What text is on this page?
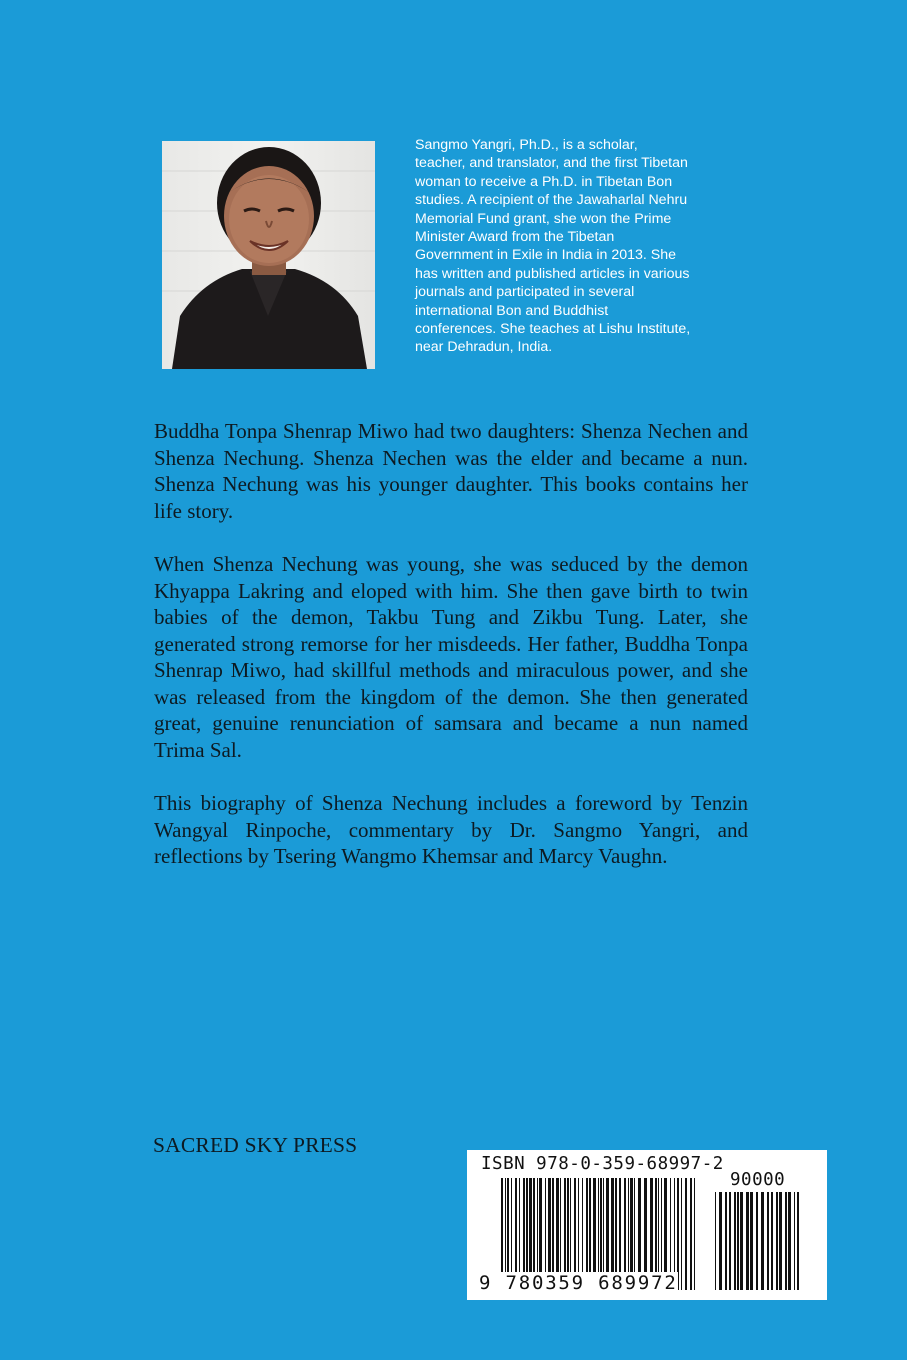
Sangmo Yangri, Ph.D., is a scholar,
teacher, and translator, and the first Tibetan
woman to receive a Ph.D. in Tibetan Bon
studies. A recipient of the Jawaharlal Nehru
Memorial Fund grant, she won the Prime
Minister Award from the Tibetan
Government in Exile in India in 2013. She
has written and published articles in various
journals and participated in several
international Bon and Buddhist
conferences. She teaches at Lishu Institute,
near Dehradun, India.

Buddha Tonpa Shenrap Miwo had two daughters: Shenza Nechen and Shenza Nechung. Shenza Nechen was the elder and became a nun. Shenza Nechung was his younger daughter. This books contains her life story.

When Shenza Nechung was young, she was seduced by the demon Khyappa Lakring and eloped with him. She then gave birth to twin babies of the demon, Takbu Tung and Zikbu Tung. Later, she generated strong remorse for her misdeeds. Her father, Buddha Tonpa Shenrap Miwo, had skillful methods and miraculous power, and she was released from the kingdom of the demon. She then generated great, genuine renunciation of samsara and became a nun named Trima Sal.

This biography of Shenza Nechung includes a foreword by Tenzin Wangyal Rinpoche, commentary by Dr. Sangmo Yangri, and reflections by Tsering Wangmo Khemsar and Marcy Vaughn.

SACRED SKY PRESS
ISBN 978-0-359-68997-2
90000
9 780359 689972
